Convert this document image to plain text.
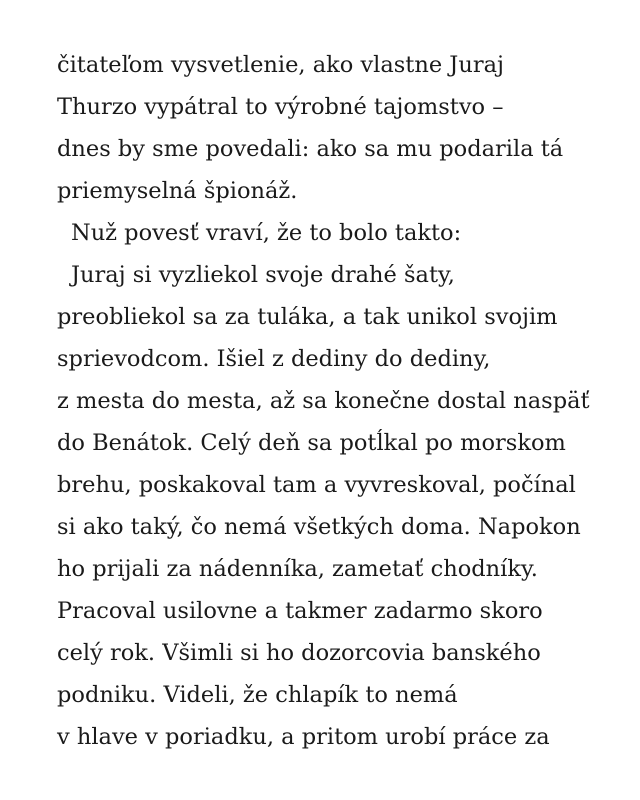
čitateľom vysvetlenie, ako vlastne Juraj
Thurzo vypátral to výrobné tajomstvo –
dnes by sme povedali: ako sa mu podarila tá
priemyselná špionáž.
Nuž povesť vraví, že to bolo takto:
Juraj si vyzliekol svoje drahé šaty,
preobliekol sa za tuláka, a tak unikol svojim
sprievodcom. Išiel z dediny do dediny,
z mesta do mesta, až sa konečne dostal naspäť
do Benátok. Celý deň sa potĺkal po morskom
brehu, poskakoval tam a vyvreskoval, počínal
si ako taký, čo nemá všetkých doma. Napokon
ho prijali za nádenníka, zametať chodníky.
Pracoval usilovne a takmer zadarmo skoro
celý rok. Všimli si ho dozorcovia banského
podniku. Videli, že chlapík to nemá
v hlave v poriadku, a pritom urobí práce za
